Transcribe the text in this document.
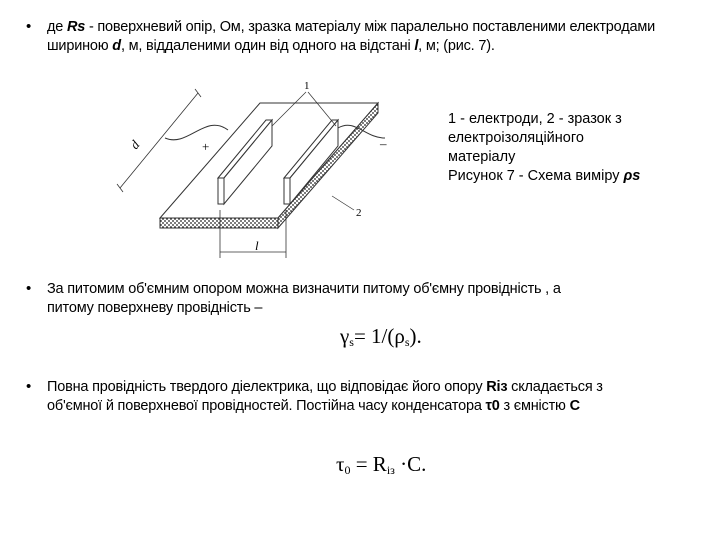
• де Rs - поверхневий опір, Ом, зразка матеріалу між паралельно поставленими електродами шириною d, м, віддаленими один від одного на відстані l, м; (рис. 7).
d
l
+	–
1
2
1 - електроди, 2 - зразок з
електроізоляційного
матеріалу
Рисунок 7 - Схема виміру ρs
• За питомим об'ємним опором можна визначити питому об'ємну провідність , а
питому поверхневу провідність –
$\gamma_s= 1/(\rho_s)$.
• Повна провідність твердого діелектрика, що відповідає його опору Rіз складається з
об'ємної й поверхневої провідностей. Постійна часу конденсатора τ0 з ємністю C
$\tau_0 = R_{із} \cdot C$.
